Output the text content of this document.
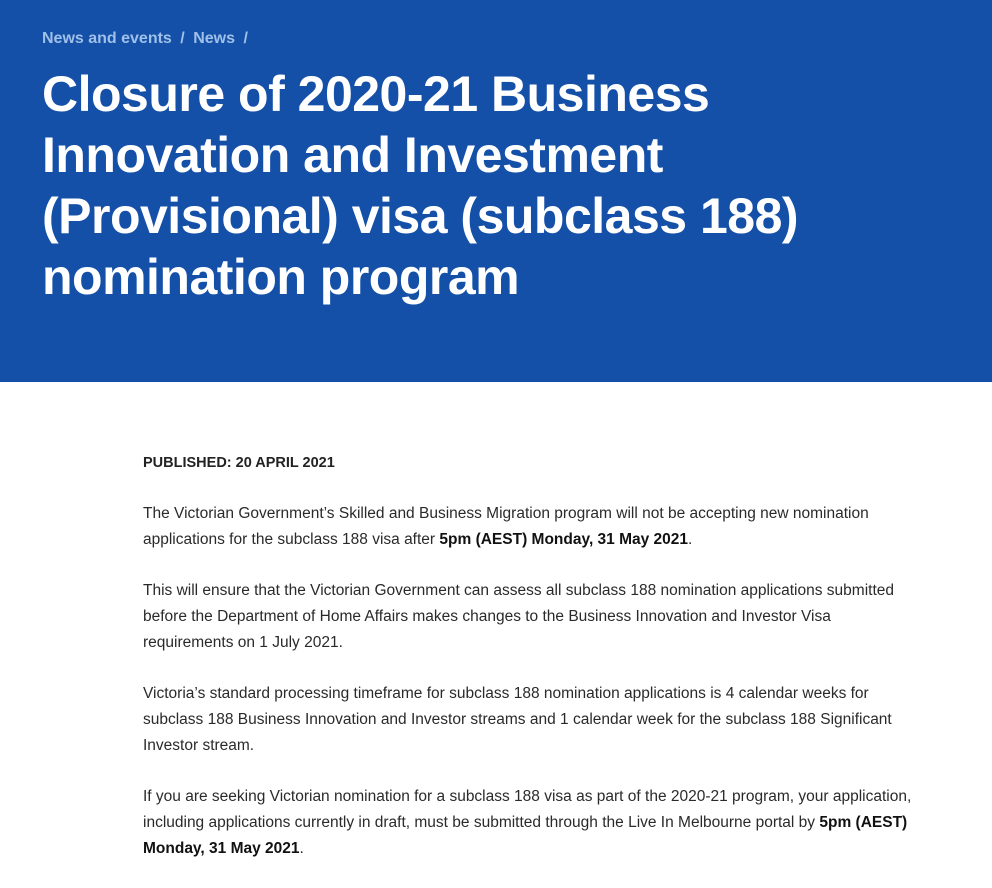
News and events / News /
Closure of 2020-21 Business Innovation and Investment (Provisional) visa (subclass 188) nomination program

PUBLISHED: 20 APRIL 2021

The Victorian Government’s Skilled and Business Migration program will not be accepting new nomination applications for the subclass 188 visa after 5pm (AEST) Monday, 31 May 2021.

This will ensure that the Victorian Government can assess all subclass 188 nomination applications submitted before the Department of Home Affairs makes changes to the Business Innovation and Investor Visa requirements on 1 July 2021.

Victoria’s standard processing timeframe for subclass 188 nomination applications is 4 calendar weeks for subclass 188 Business Innovation and Investor streams and 1 calendar week for the subclass 188 Significant Investor stream.

If you are seeking Victorian nomination for a subclass 188 visa as part of the 2020-21 program, your application, including applications currently in draft, must be submitted through the Live In Melbourne portal by 5pm (AEST) Monday, 31 May 2021.
